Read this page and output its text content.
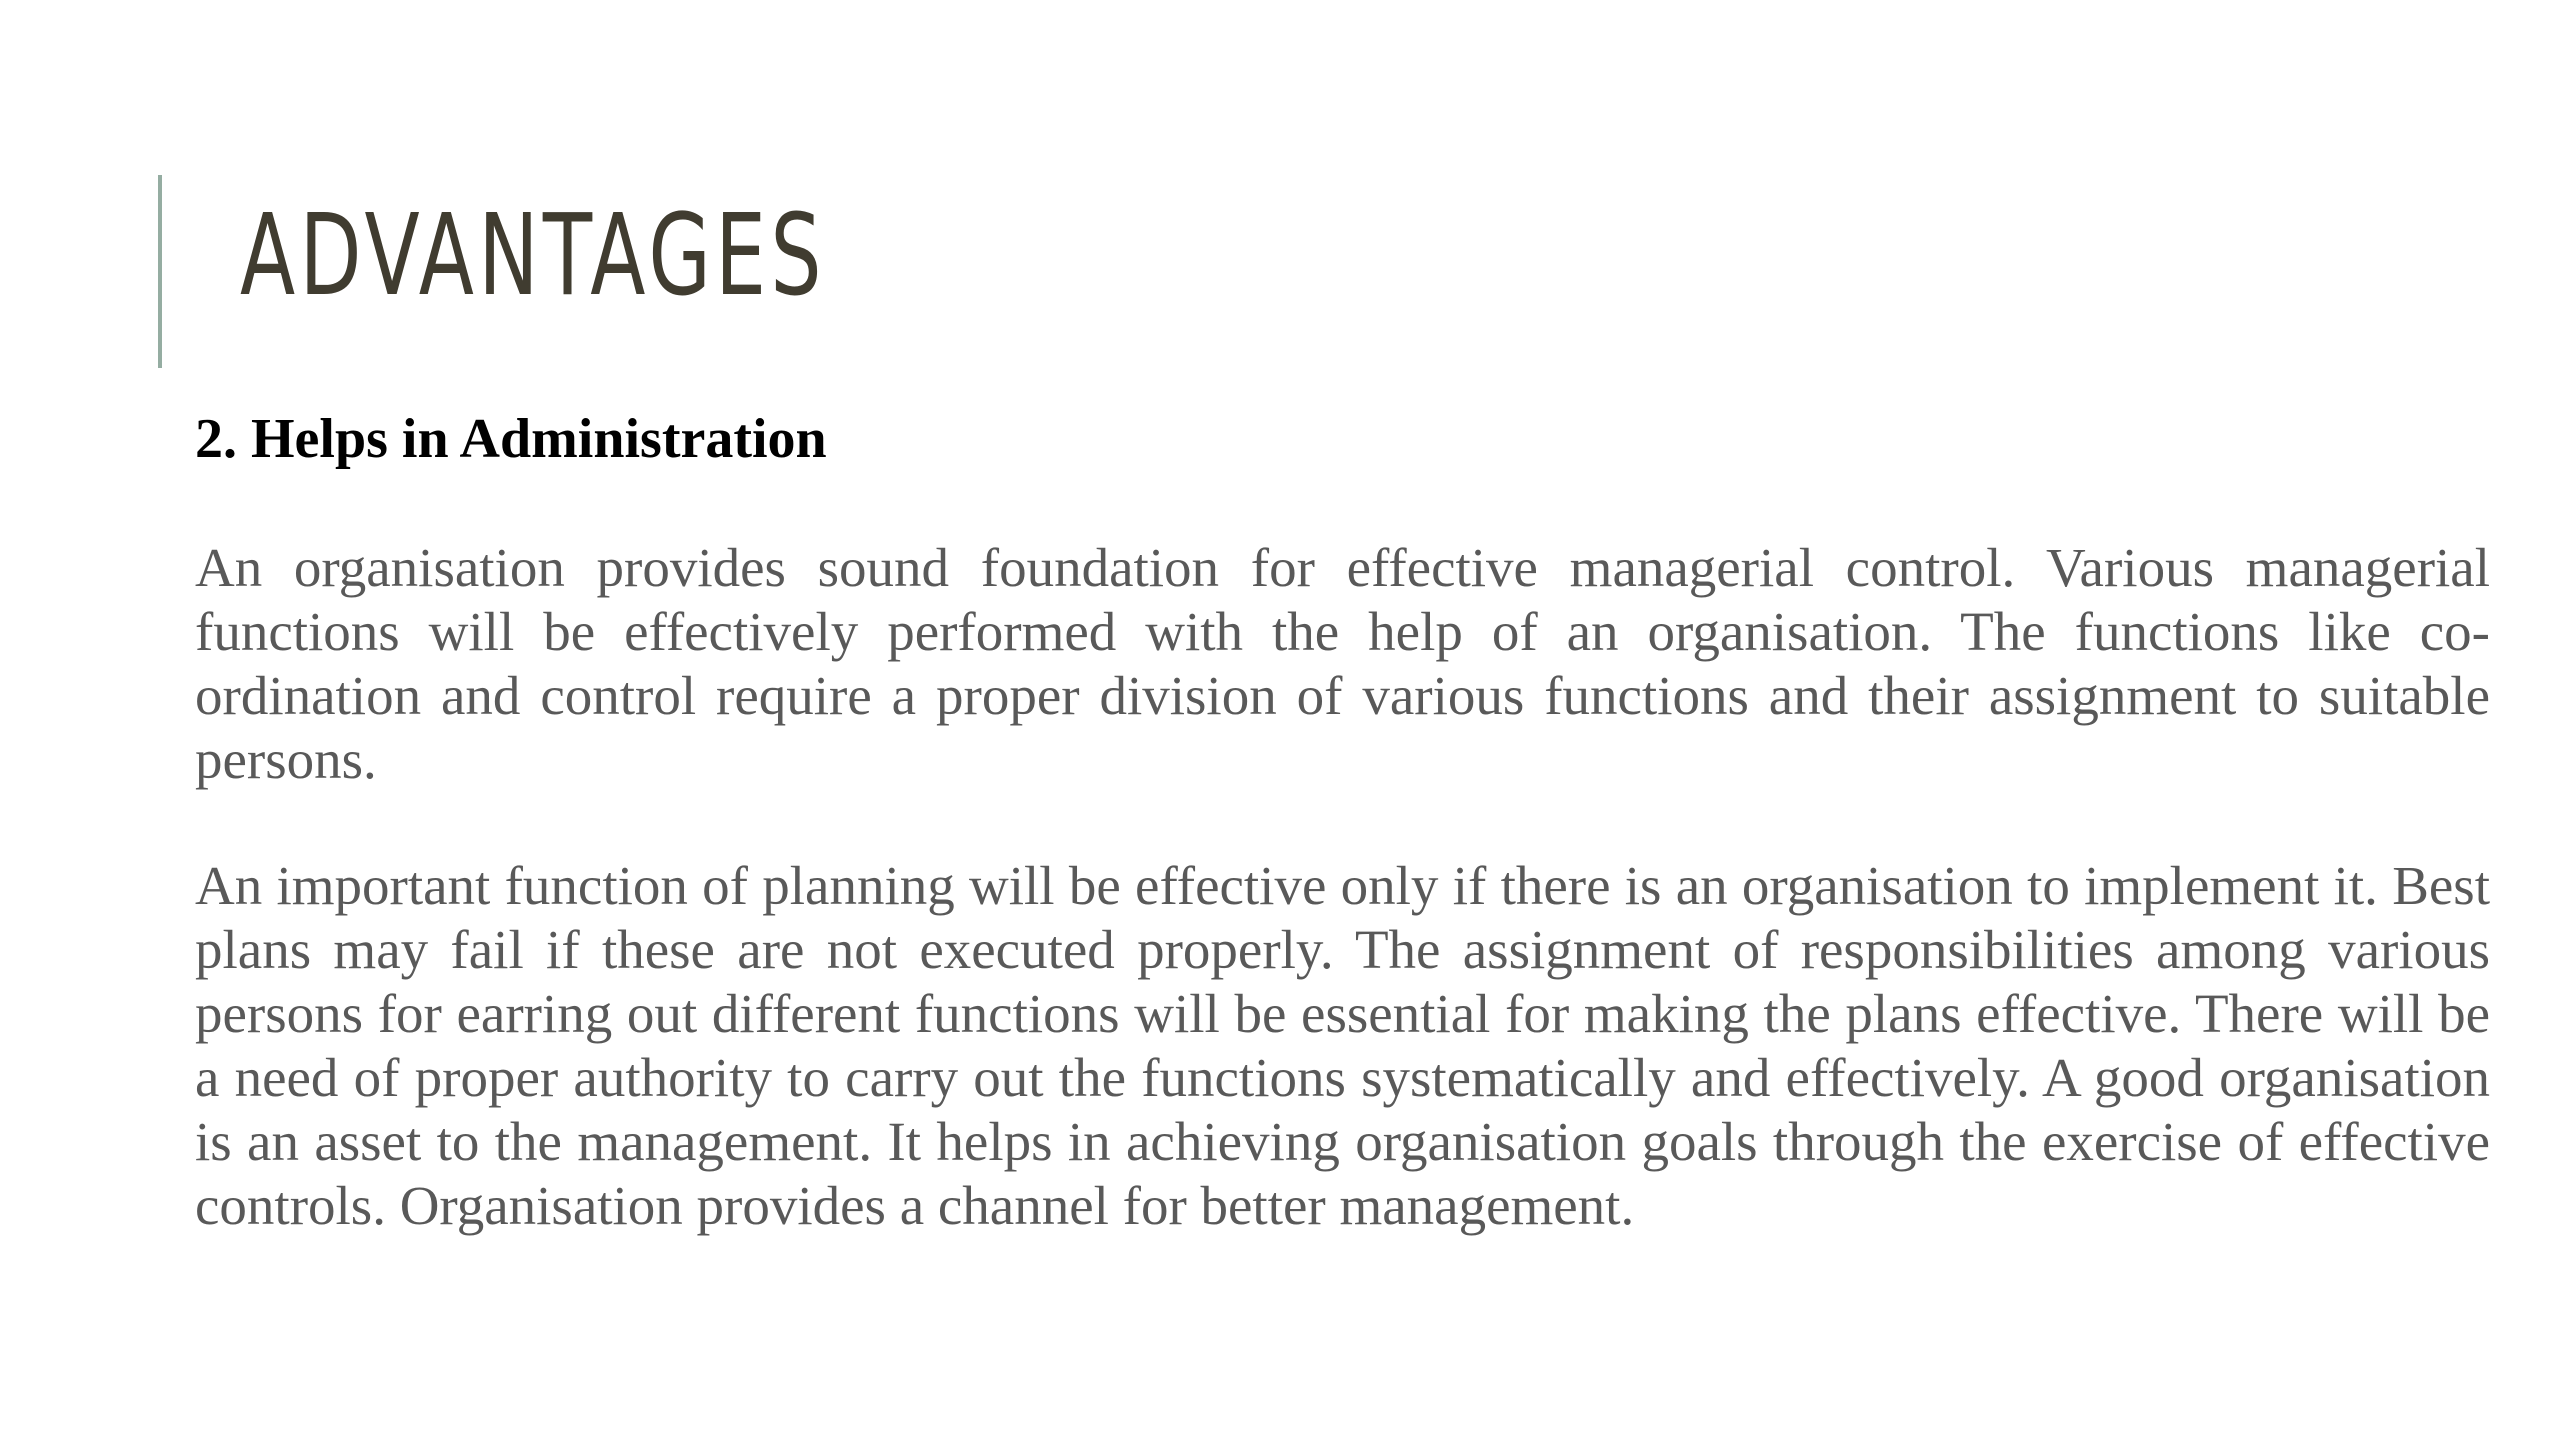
ADVANTAGES

2. Helps in Administration

An organisation provides sound foundation for effective managerial control. Various managerial functions will be effectively performed with the help of an organisation. The functions like co-ordination and control require a proper division of various functions and their assignment to suitable persons.

An important function of planning will be effective only if there is an organisation to implement it. Best plans may fail if these are not executed properly. The assignment of responsibilities among various persons for earring out different functions will be essential for making the plans effective. There will be a need of proper authority to carry out the functions systematically and effectively. A good organisation is an asset to the management. It helps in achieving organisation goals through the exercise of effective controls. Organisation provides a channel for better management.
